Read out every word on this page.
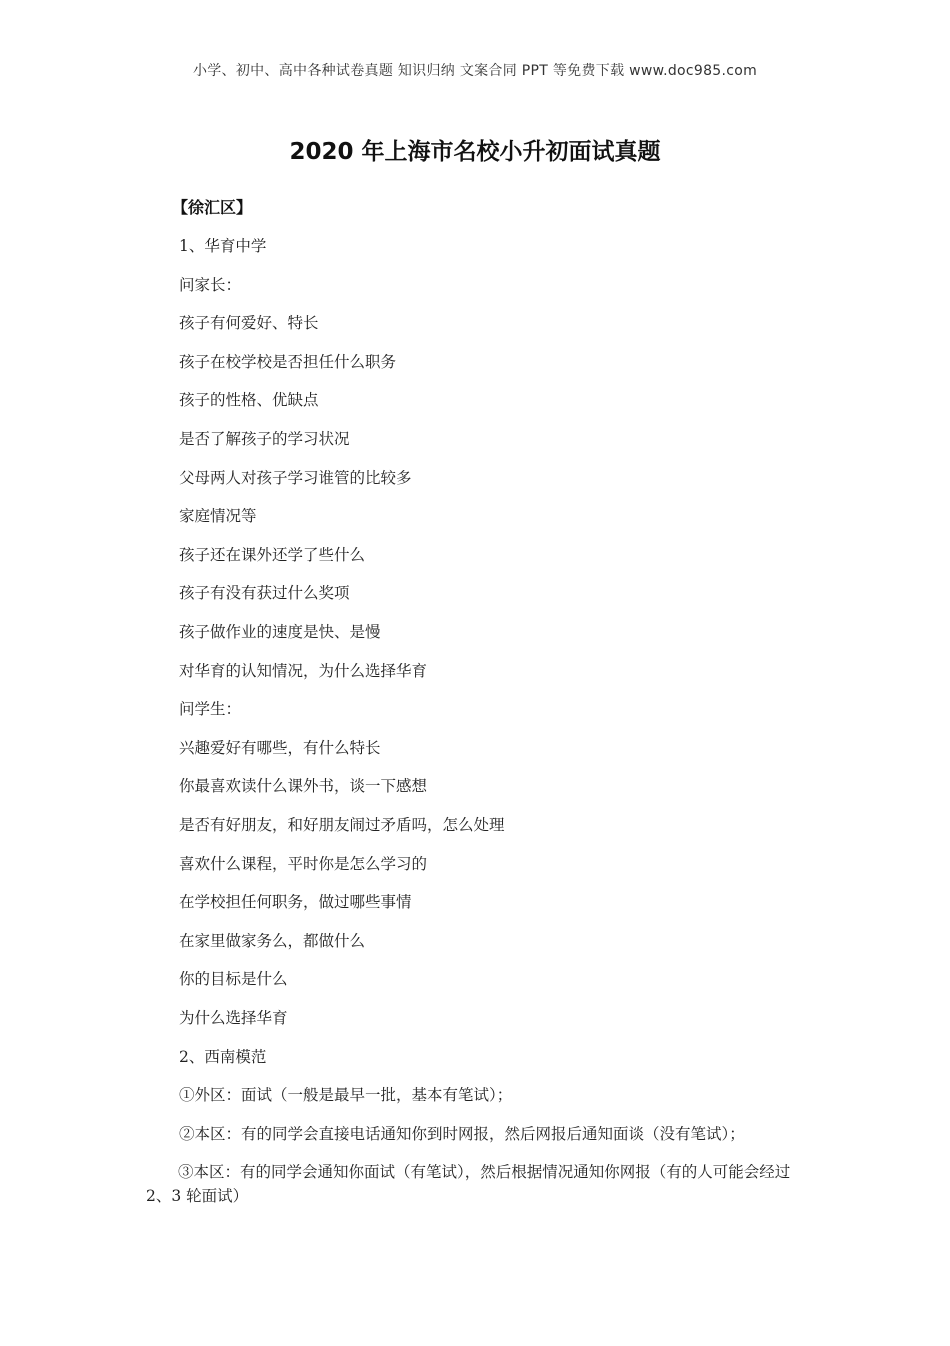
小学、初中、高中各种试卷真题 知识归纳 文案合同 PPT 等免费下载 www.doc985.com
2020 年上海市名校小升初面试真题
【徐汇区】
1、华育中学
问家长：
孩子有何爱好、特长
孩子在校学校是否担任什么职务
孩子的性格、优缺点
是否了解孩子的学习状况
父母两人对孩子学习谁管的比较多
家庭情况等
孩子还在课外还学了些什么
孩子有没有获过什么奖项
孩子做作业的速度是快、是慢
对华育的认知情况，为什么选择华育
问学生：
兴趣爱好有哪些，有什么特长
你最喜欢读什么课外书，谈一下感想
是否有好朋友，和好朋友闹过矛盾吗，怎么处理
喜欢什么课程，平时你是怎么学习的
在学校担任何职务，做过哪些事情
在家里做家务么，都做什么
你的目标是什么
为什么选择华育
2、西南模范
①外区：面试（一般是最早一批，基本有笔试）；
②本区：有的同学会直接电话通知你到时网报，然后网报后通知面谈（没有笔试）；
③本区：有的同学会通知你面试（有笔试），然后根据情况通知你网报（有的人可能会经过 2、3 轮面试）
